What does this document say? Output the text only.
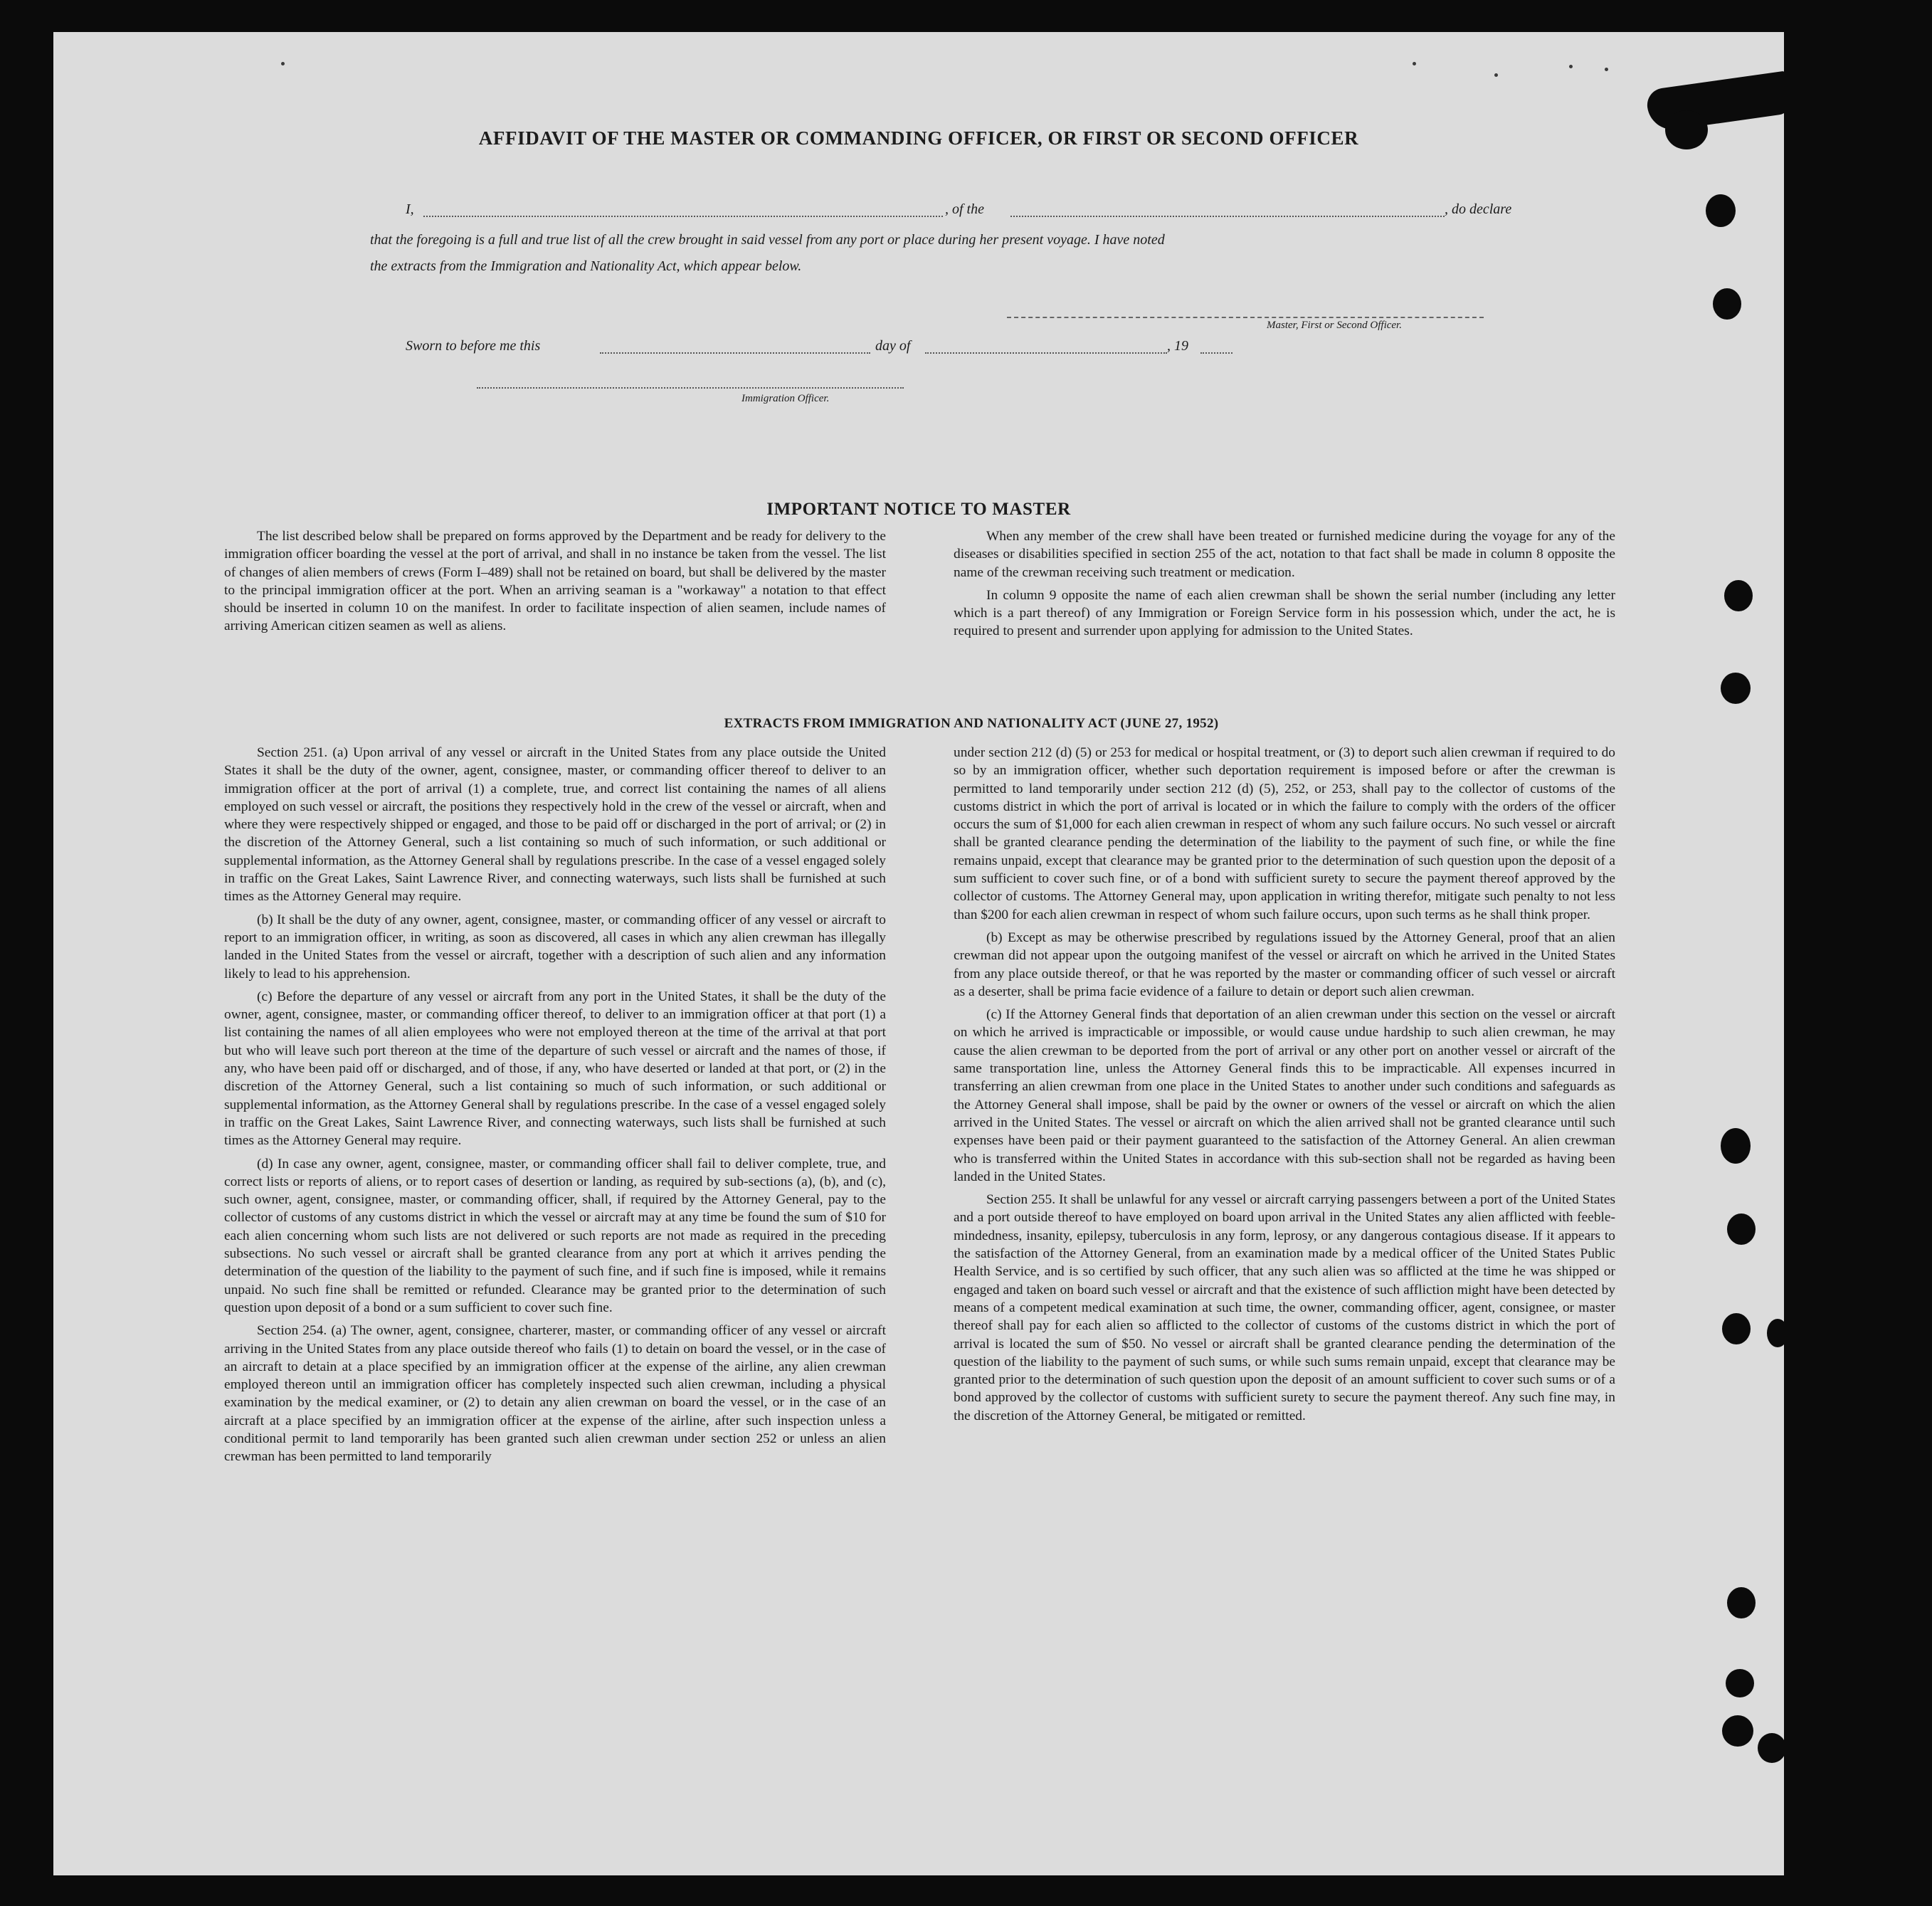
AFFIDAVIT OF THE MASTER OR COMMANDING OFFICER, OR FIRST OR SECOND OFFICER
I,	, of the	, do declare
that the foregoing is a full and true list of all the crew brought in said vessel from any port or place during her present voyage. I have noted
the extracts from the Immigration and Nationality Act, which appear below.
Master, First or Second Officer.
Sworn to before me this	day of	, 19
Immigration Officer.
IMPORTANT NOTICE TO MASTER

The list described below shall be prepared on forms approved by the Department and be ready for delivery to the immigration officer boarding the vessel at the port of arrival, and shall in no instance be taken from the vessel. The list of changes of alien members of crews (Form I–489) shall not be retained on board, but shall be delivered by the master to the principal immigration officer at the port. When an arriving seaman is a "workaway" a notation to that effect should be inserted in column 10 on the manifest. In order to facilitate inspection of alien seamen, include names of arriving American citizen seamen as well as aliens.

When any member of the crew shall have been treated or furnished medicine during the voyage for any of the diseases or disabilities specified in section 255 of the act, notation to that fact shall be made in column 8 opposite the name of the crewman receiving such treatment or medication.

In column 9 opposite the name of each alien crewman shall be shown the serial number (including any letter which is a part thereof) of any Immigration or Foreign Service form in his possession which, under the act, he is required to present and surrender upon applying for admission to the United States.

EXTRACTS FROM IMMIGRATION AND NATIONALITY ACT (JUNE 27, 1952)

Section 251. (a) Upon arrival of any vessel or aircraft in the United States from any place outside the United States it shall be the duty of the owner, agent, consignee, master, or commanding officer thereof to deliver to an immigration officer at the port of arrival (1) a complete, true, and correct list containing the names of all aliens employed on such vessel or aircraft, the positions they respectively hold in the crew of the vessel or aircraft, when and where they were respectively shipped or engaged, and those to be paid off or discharged in the port of arrival; or (2) in the discretion of the Attorney General, such a list containing so much of such information, or such additional or supplemental information, as the Attorney General shall by regulations prescribe. In the case of a vessel engaged solely in traffic on the Great Lakes, Saint Lawrence River, and connecting waterways, such lists shall be furnished at such times as the Attorney General may require.

(b) It shall be the duty of any owner, agent, consignee, master, or commanding officer of any vessel or aircraft to report to an immigration officer, in writing, as soon as discovered, all cases in which any alien crewman has illegally landed in the United States from the vessel or aircraft, together with a description of such alien and any information likely to lead to his apprehension.

(c) Before the departure of any vessel or aircraft from any port in the United States, it shall be the duty of the owner, agent, consignee, master, or commanding officer thereof, to deliver to an immigration officer at that port (1) a list containing the names of all alien employees who were not employed thereon at the time of the arrival at that port but who will leave such port thereon at the time of the departure of such vessel or aircraft and the names of those, if any, who have been paid off or discharged, and of those, if any, who have deserted or landed at that port, or (2) in the discretion of the Attorney General, such a list containing so much of such information, or such additional or supplemental information, as the Attorney General shall by regulations prescribe. In the case of a vessel engaged solely in traffic on the Great Lakes, Saint Lawrence River, and connecting waterways, such lists shall be furnished at such times as the Attorney General may require.

(d) In case any owner, agent, consignee, master, or commanding officer shall fail to deliver complete, true, and correct lists or reports of aliens, or to report cases of desertion or landing, as required by sub-sections (a), (b), and (c), such owner, agent, consignee, master, or commanding officer, shall, if required by the Attorney General, pay to the collector of customs of any customs district in which the vessel or aircraft may at any time be found the sum of $10 for each alien concerning whom such lists are not delivered or such reports are not made as required in the preceding subsections. No such vessel or aircraft shall be granted clearance from any port at which it arrives pending the determination of the question of the liability to the payment of such fine, and if such fine is imposed, while it remains unpaid. No such fine shall be remitted or refunded. Clearance may be granted prior to the determination of such question upon deposit of a bond or a sum sufficient to cover such fine.

Section 254. (a) The owner, agent, consignee, charterer, master, or commanding officer of any vessel or aircraft arriving in the United States from any place outside thereof who fails (1) to detain on board the vessel, or in the case of an aircraft to detain at a place specified by an immigration officer at the expense of the airline, any alien crewman employed thereon until an immigration officer has completely inspected such alien crewman, including a physical examination by the medical examiner, or (2) to detain any alien crewman on board the vessel, or in the case of an aircraft at a place specified by an immigration officer at the expense of the airline, after such inspection unless a conditional permit to land temporarily has been granted such alien crewman under section 252 or unless an alien crewman has been permitted to land temporarily

under section 212 (d) (5) or 253 for medical or hospital treatment, or (3) to deport such alien crewman if required to do so by an immigration officer, whether such deportation requirement is imposed before or after the crewman is permitted to land temporarily under section 212 (d) (5), 252, or 253, shall pay to the collector of customs of the customs district in which the port of arrival is located or in which the failure to comply with the orders of the officer occurs the sum of $1,000 for each alien crewman in respect of whom any such failure occurs. No such vessel or aircraft shall be granted clearance pending the determination of the liability to the payment of such fine, or while the fine remains unpaid, except that clearance may be granted prior to the determination of such question upon the deposit of a sum sufficient to cover such fine, or of a bond with sufficient surety to secure the payment thereof approved by the collector of customs. The Attorney General may, upon application in writing therefor, mitigate such penalty to not less than $200 for each alien crewman in respect of whom such failure occurs, upon such terms as he shall think proper.

(b) Except as may be otherwise prescribed by regulations issued by the Attorney General, proof that an alien crewman did not appear upon the outgoing manifest of the vessel or aircraft on which he arrived in the United States from any place outside thereof, or that he was reported by the master or commanding officer of such vessel or aircraft as a deserter, shall be prima facie evidence of a failure to detain or deport such alien crewman.

(c) If the Attorney General finds that deportation of an alien crewman under this section on the vessel or aircraft on which he arrived is impracticable or impossible, or would cause undue hardship to such alien crewman, he may cause the alien crewman to be deported from the port of arrival or any other port on another vessel or aircraft of the same transportation line, unless the Attorney General finds this to be impracticable. All expenses incurred in transferring an alien crewman from one place in the United States to another under such conditions and safeguards as the Attorney General shall impose, shall be paid by the owner or owners of the vessel or aircraft on which the alien arrived in the United States. The vessel or aircraft on which the alien arrived shall not be granted clearance until such expenses have been paid or their payment guaranteed to the satisfaction of the Attorney General. An alien crewman who is transferred within the United States in accordance with this sub-section shall not be regarded as having been landed in the United States.

Section 255. It shall be unlawful for any vessel or aircraft carrying passengers between a port of the United States and a port outside thereof to have employed on board upon arrival in the United States any alien afflicted with feeble-mindedness, insanity, epilepsy, tuberculosis in any form, leprosy, or any dangerous contagious disease. If it appears to the satisfaction of the Attorney General, from an examination made by a medical officer of the United States Public Health Service, and is so certified by such officer, that any such alien was so afflicted at the time he was shipped or engaged and taken on board such vessel or aircraft and that the existence of such affliction might have been detected by means of a competent medical examination at such time, the owner, commanding officer, agent, consignee, or master thereof shall pay for each alien so afflicted to the collector of customs of the customs district in which the port of arrival is located the sum of $50. No vessel or aircraft shall be granted clearance pending the determination of the question of the liability to the payment of such sums, or while such sums remain unpaid, except that clearance may be granted prior to the determination of such question upon the deposit of an amount sufficient to cover such sums or of a bond approved by the collector of customs with sufficient surety to secure the payment thereof. Any such fine may, in the discretion of the Attorney General, be mitigated or remitted.
